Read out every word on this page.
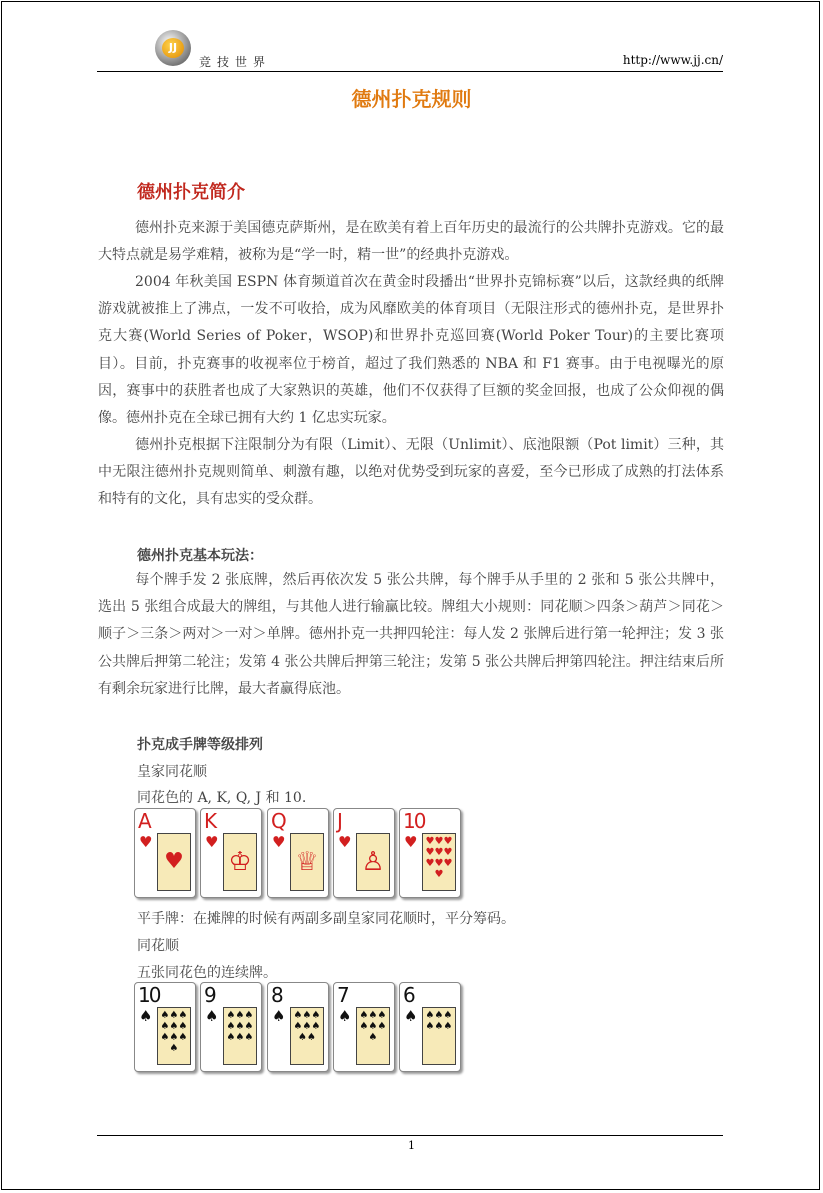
JJ
竞技世界	http://www.jj.cn/
德州扑克规则
德州扑克简介
德州扑克来源于美国德克萨斯州，是在欧美有着上百年历史的最流行的公共牌扑克游戏。它的最大特点就是易学难精，被称为是“学一时，精一世”的经典扑克游戏。
2004 年秋美国 ESPN 体育频道首次在黄金时段播出“世界扑克锦标赛”以后，这款经典的纸牌游戏就被推上了沸点，一发不可收拾，成为风靡欧美的体育项目（无限注形式的德州扑克，是世界扑克大赛(World Series of Poker，WSOP)和世界扑克巡回赛(World Poker Tour)的主要比赛项目）。目前，扑克赛事的收视率位于榜首，超过了我们熟悉的 NBA 和 F1 赛事。由于电视曝光的原因，赛事中的获胜者也成了大家熟识的英雄，他们不仅获得了巨额的奖金回报，也成了公众仰视的偶像。德州扑克在全球已拥有大约 1 亿忠实玩家。
德州扑克根据下注限制分为有限（Limit）、无限（Unlimit）、底池限额（Pot limit）三种，其中无限注德州扑克规则简单、刺激有趣，以绝对优势受到玩家的喜爱，至今已形成了成熟的打法体系和特有的文化，具有忠实的受众群。
德州扑克基本玩法：
每个牌手发 2 张底牌，然后再依次发 5 张公共牌，每个牌手从手里的 2 张和 5 张公共牌中，选出 5 张组合成最大的牌组，与其他人进行输赢比较。牌组大小规则：同花顺＞四条＞葫芦＞同花＞顺子＞三条＞两对＞一对＞单牌。德州扑克一共押四轮注：每人发 2 张牌后进行第一轮押注；发 3 张公共牌后押第二轮注；发第 4 张公共牌后押第三轮注；发第 5 张公共牌后押第四轮注。押注结束后所有剩余玩家进行比牌，最大者赢得底池。
扑克成手牌等级排列
皇家同花顺
同花色的 A, K, Q, J 和 10.
A
♥
♥
K
♥
♔
Q
♥
♕
J
♥
♙
10
♥ ♥♥♥♥♥♥♥♥♥♥
平手牌：在摊牌的时候有两副多副皇家同花顺时，平分筹码。
同花顺
五张同花色的连续牌。
10
♠ ♠♠♠♠♠♠♠♠♠♠
9
♠ ♠♠♠♠♠♠♠♠♠
8
♠ ♠♠♠♠♠♠♠♠
7
♠ ♠♠♠♠♠♠♠
6
♠ ♠♠♠♠♠♠
1
